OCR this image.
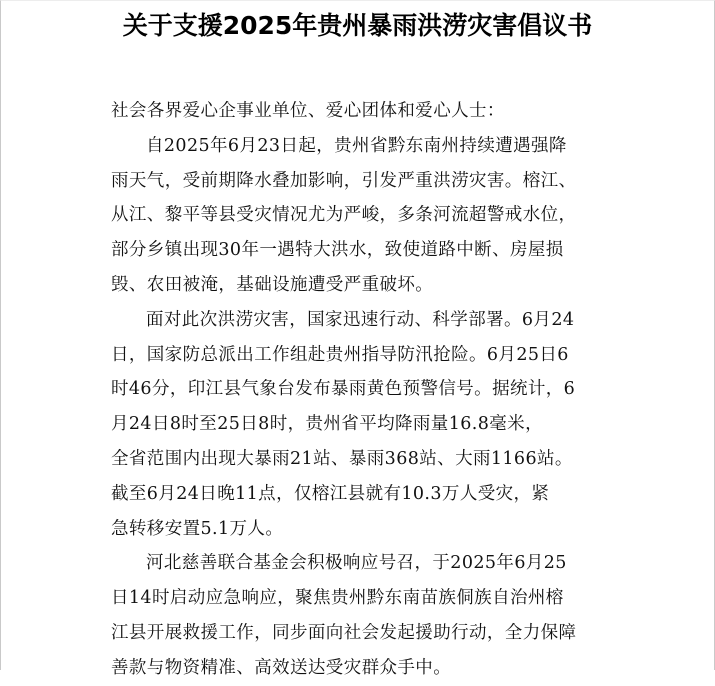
关于支援2025年贵州暴雨洪涝灾害倡议书

社会各界爱心企事业单位、爱心团体和爱心人士：

自2025年6月23日起，贵州省黔东南州持续遭遇强降
雨天气，受前期降水叠加影响，引发严重洪涝灾害。榕江、
从江、黎平等县受灾情况尤为严峻，多条河流超警戒水位，
部分乡镇出现30年一遇特大洪水，致使道路中断、房屋损
毁、农田被淹，基础设施遭受严重破坏。

面对此次洪涝灾害，国家迅速行动、科学部署。6月24
日，国家防总派出工作组赴贵州指导防汛抢险。6月25日6
时46分，印江县气象台发布暴雨黄色预警信号。据统计，6
月24日8时至25日8时，贵州省平均降雨量16.8毫米，
全省范围内出现大暴雨21站、暴雨368站、大雨1166站。
截至6月24日晚11点，仅榕江县就有10.3万人受灾，紧
急转移安置5.1万人。

河北慈善联合基金会积极响应号召，于2025年6月25
日14时启动应急响应，聚焦贵州黔东南苗族侗族自治州榕
江县开展救援工作，同步面向社会发起援助行动，全力保障
善款与物资精准、高效送达受灾群众手中。
